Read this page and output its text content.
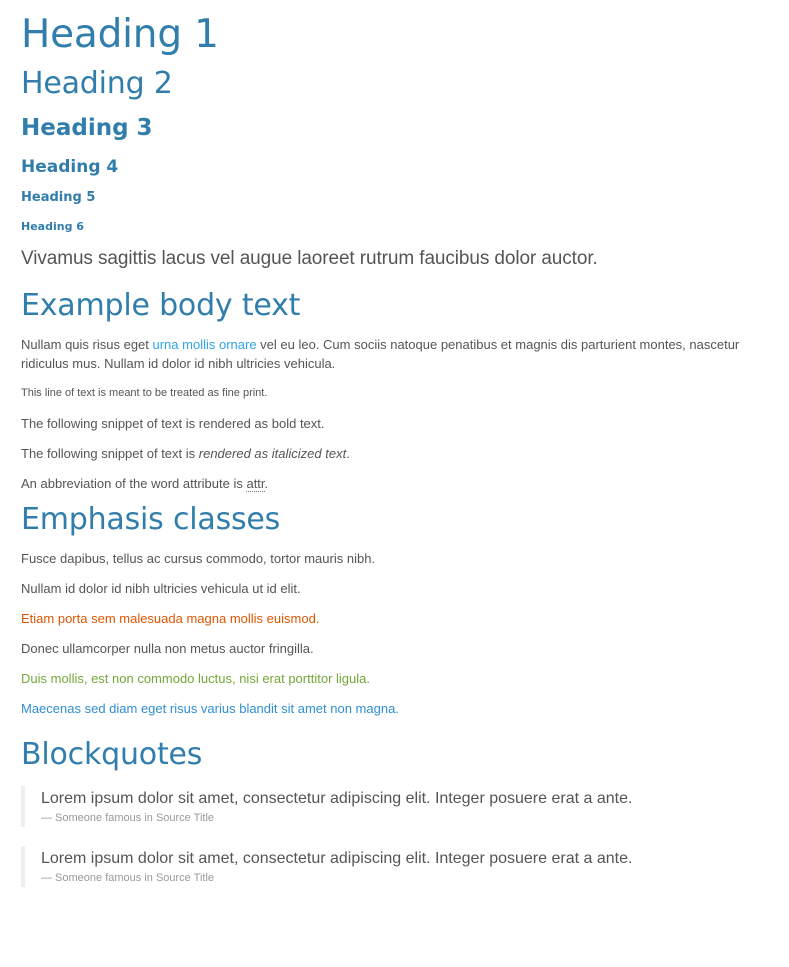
Heading 1
Heading 2
Heading 3
Heading 4
Heading 5
Heading 6

Vivamus sagittis lacus vel augue laoreet rutrum faucibus dolor auctor.

Example body text

Nullam quis risus eget urna mollis ornare vel eu leo. Cum sociis natoque penatibus et magnis dis parturient montes, nascetur ridiculus mus. Nullam id dolor id nibh ultricies vehicula.

This line of text is meant to be treated as fine print.

The following snippet of text is rendered as bold text.

The following snippet of text is rendered as italicized text.

An abbreviation of the word attribute is attr.

Emphasis classes

Fusce dapibus, tellus ac cursus commodo, tortor mauris nibh.

Nullam id dolor id nibh ultricies vehicula ut id elit.

Etiam porta sem malesuada magna mollis euismod.

Donec ullamcorper nulla non metus auctor fringilla.

Duis mollis, est non commodo luctus, nisi erat porttitor ligula.

Maecenas sed diam eget risus varius blandit sit amet non magna.

Blockquotes

Lorem ipsum dolor sit amet, consectetur adipiscing elit. Integer posuere erat a ante.

— Someone famous in Source Title

Lorem ipsum dolor sit amet, consectetur adipiscing elit. Integer posuere erat a ante.

— Someone famous in Source Title
